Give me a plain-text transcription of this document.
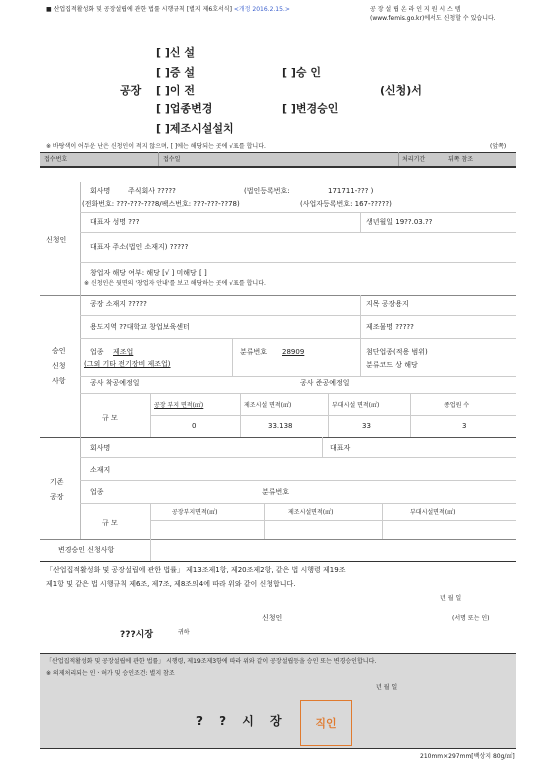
■ 산업집적활성화 및 공장설립에 관한 법률 시행규칙 [별지 제6호서식] <개정 2016.2.15.>	공 장 설 립 온 라 인 지 원 시 스 템
(www.femis.go.kr)에서도 신청할 수 있습니다.
[ ]신 설
[ ]증 설	[ ]승 인
공장 [ ]이 전	(신청)서
[ ]업종변경	[ ]변경승인
[ ]제조시설설치
※ 바탕색이 어두운 난은 신청인이 적지 않으며, [ ]에는 해당되는 곳에 √표를 합니다.	(앞쪽)
접수번호	접수일	처리기간	뒤쪽 참조
신청인
회사명	주식회사 ?????	(법인등록번호:	171711-??? )
(전화번호: ???-???-???8/팩스번호: ???-???-??78)	(사업자등록번호: 167-?????)
대표자 성명 ???	생년월일 19??.03.??
대표자 주소(법인 소재지) ?????
창업자 해당 여부: 해당 [√ ] 미해당 [ ]
※ 신청인은 뒷면의 '창업자 안내'를 보고 해당하는 곳에 √표를 합니다.
승인
신청
사항
공장 소재지 ?????	지목 공장용지
용도지역 ??대학교 창업보육센터	제조물명 ?????
업종 제조업
(그외 기타 전기장비 제조업)
분류번호 28909	첨단업종(적용 범위)
분류코드 상 해당
공사 착공예정일	공사 준공예정일
규 모
공장 부지 면적(㎡)	제조시설 면적(㎡)	부대시설 면적(㎡)	종업원 수
0	33.138	33	3
기존
공장
회사명	대표자
소재지
업종	분류번호
규 모
공장부지면적(㎡)	제조시설면적(㎡)	부대시설면적(㎡)
변경승인 신청사항
「산업집적활성화 및 공장설립에 관한 법률」 제13조제1항, 제20조제2항, 같은 법 시행령 제19조
제1항 및 같은 법 시행규칙 제6조, 제7조, 제8조의4에 따라 위와 같이 신청합니다.
년 월 일
신청인	(서명 또는 인)
???시장	귀하
「산업집적활성화 및 공장설립에 관한 법률」 시행령, 제19조제3항에 따라 위와 같이 공장설립등을 승인 또는 변경승인합니다.
※ 의제처리되는 인ㆍ허가 및 승인조건: 별지 참조
년 월 일
? ? 시 장	직인
210mm×297mm[백상지 80g/㎡]
